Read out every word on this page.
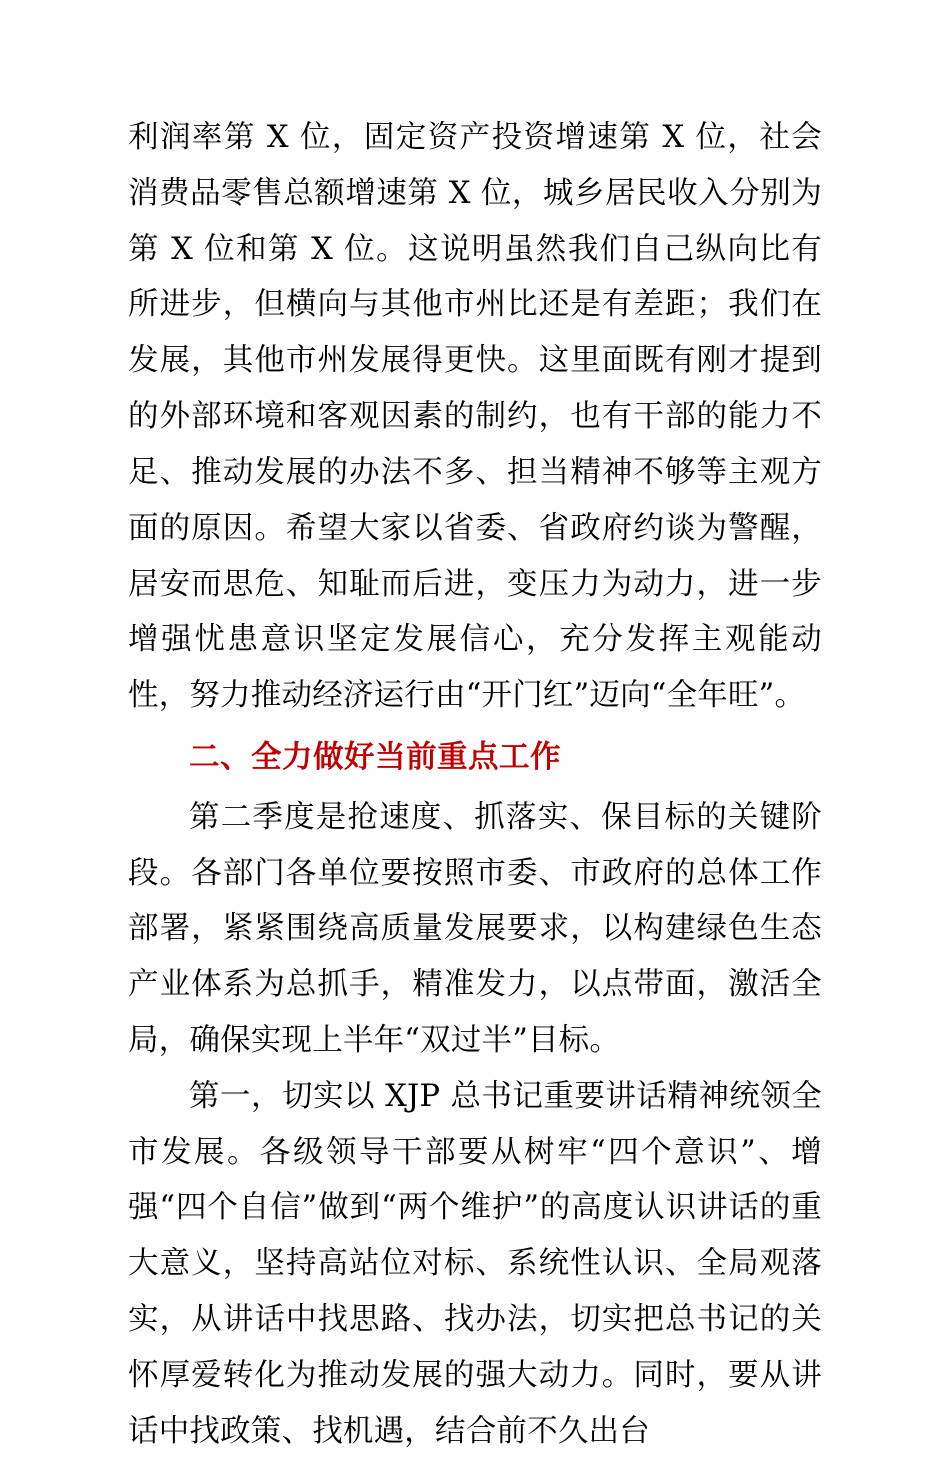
利润率第 X 位，固定资产投资增速第 X 位，社会消费品零售总额增速第 X 位，城乡居民收入分别为第 X 位和第 X 位。这说明虽然我们自己纵向比有所进步，但横向与其他市州比还是有差距；我们在发展，其他市州发展得更快。这里面既有刚才提到的外部环境和客观因素的制约，也有干部的能力不足、推动发展的办法不多、担当精神不够等主观方面的原因。希望大家以省委、省政府约谈为警醒，居安而思危、知耻而后进，变压力为动力，进一步增强忧患意识坚定发展信心，充分发挥主观能动性，努力推动经济运行由“开门红”迈向“全年旺”。

二、全力做好当前重点工作

第二季度是抢速度、抓落实、保目标的关键阶段。各部门各单位要按照市委、市政府的总体工作部署，紧紧围绕高质量发展要求，以构建绿色生态产业体系为总抓手，精准发力，以点带面，激活全局，确保实现上半年“双过半”目标。

第一，切实以 XJP 总书记重要讲话精神统领全市发展。各级领导干部要从树牢“四个意识”、增强“四个自信”做到“两个维护”的高度认识讲话的重大意义，坚持高站位对标、系统性认识、全局观落实，从讲话中找思路、找办法，切实把总书记的关怀厚爱转化为推动发展的强大动力。同时，要从讲话中找政策、找机遇，结合前不久出台
